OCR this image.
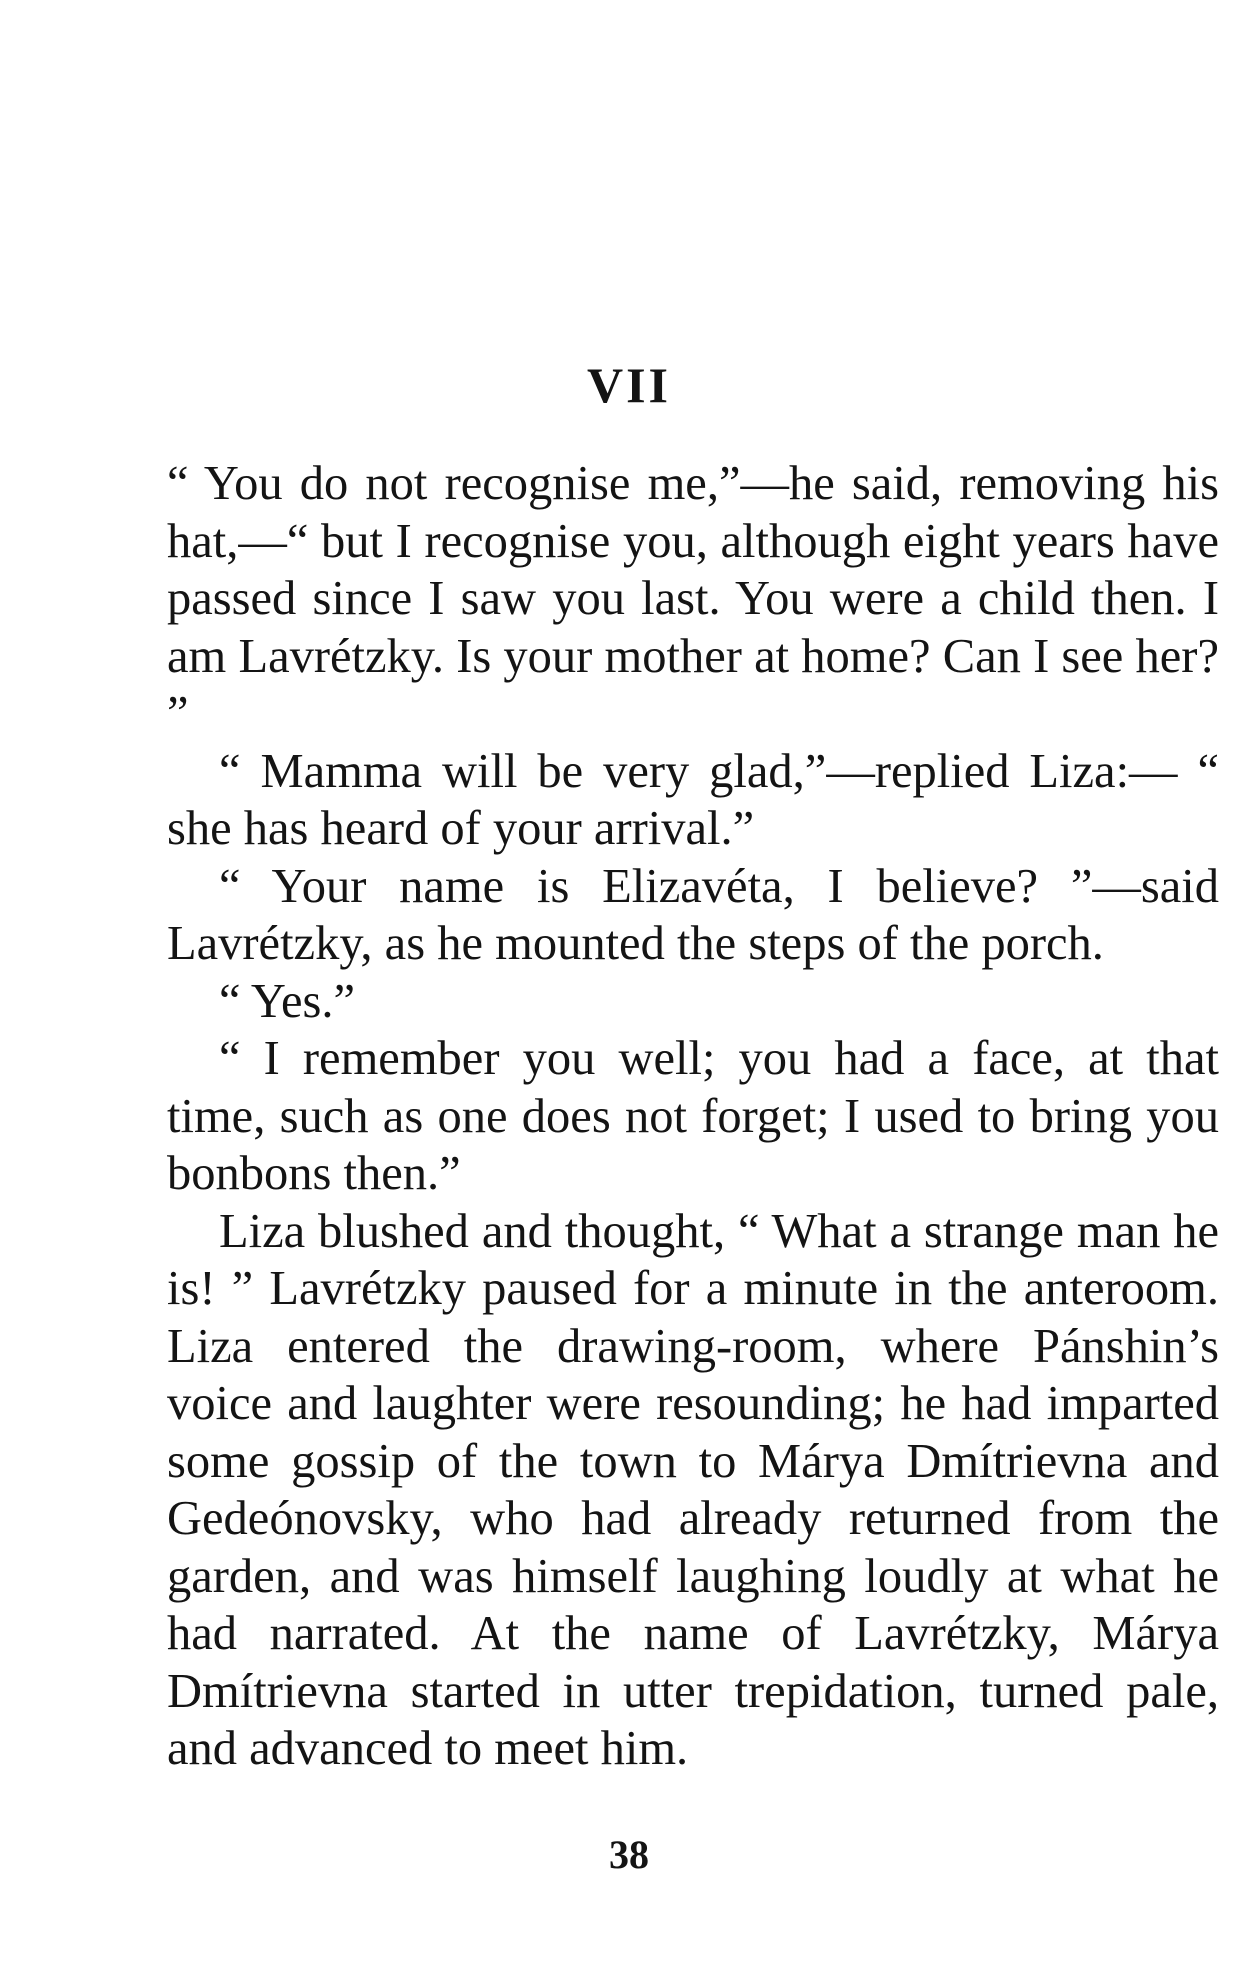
VII

“ You do not recognise me,”—he said, removing his hat,—“ but I recognise you, although eight years have passed since I saw you last. You were a child then. I am Lavrétzky. Is your mother at home? Can I see her? ”

“ Mamma will be very glad,”—replied Liza:— “ she has heard of your arrival.”

“ Your name is Elizavéta, I believe? ”—said Lavrétzky, as he mounted the steps of the porch.

“ Yes.”

“ I remember you well; you had a face, at that time, such as one does not forget; I used to bring you bonbons then.”

Liza blushed and thought, “ What a strange man he is! ” Lavrétzky paused for a minute in the anteroom. Liza entered the drawing-room, where Pánshin’s voice and laughter were resounding; he had imparted some gossip of the town to Márya Dmítrievna and Gedeónovsky, who had already returned from the garden, and was himself laughing loudly at what he had narrated. At the name of Lavrétzky, Márya Dmítrievna started in utter trepidation, turned pale, and advanced to meet him.

38
